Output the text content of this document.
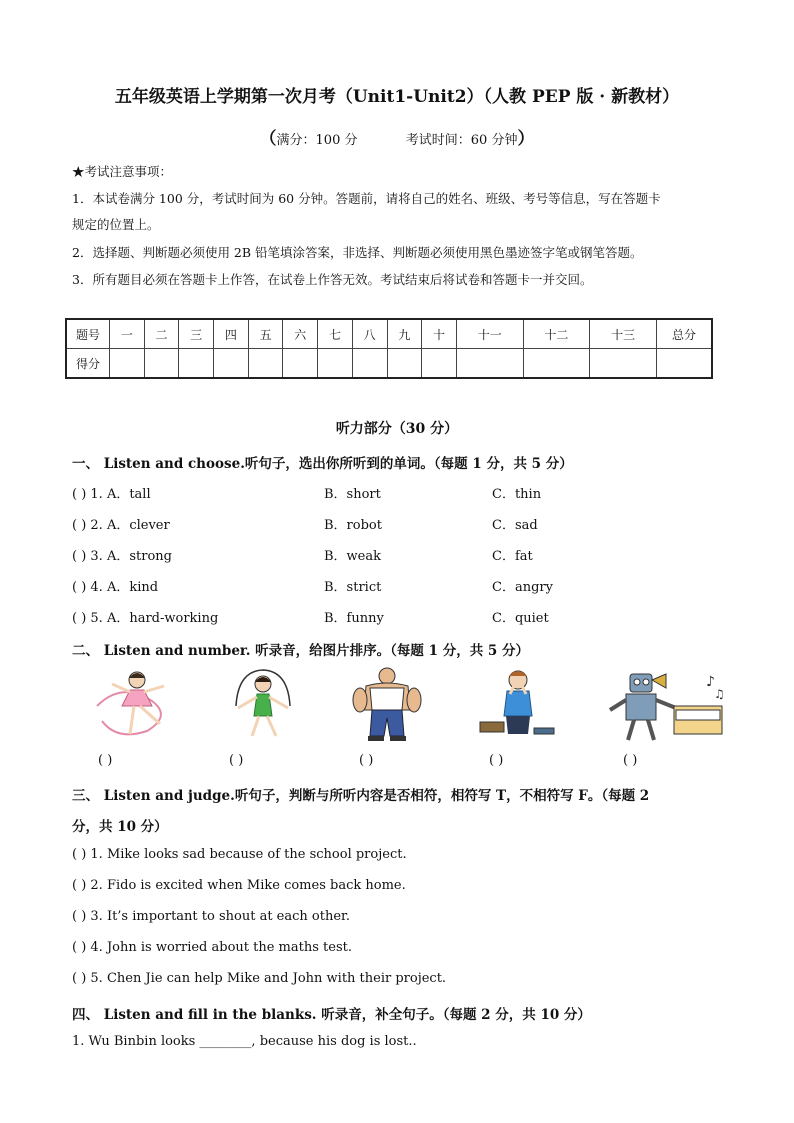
五年级英语上学期第一次月考（Unit1-Unit2）（人教 PEP 版 · 新教材）
（满分：100 分	考试时间：60 分钟）
★考试注意事项：
1．本试卷满分 100 分，考试时间为 60 分钟。答题前，请将自己的姓名、班级、考号等信息，写在答题卡
规定的位置上。
2．选择题、判断题必须使用 2B 铅笔填涂答案，非选择、判断题必须使用黑色墨迹签字笔或钢笔答题。
3．所有题目必须在答题卡上作答，在试卷上作答无效。考试结束后将试卷和答题卡一并交回。
题号	一	二	三	四	五	六	七	八	九	十	十一	十二	十三	总分
得分														
听力部分（30 分）
一、 Listen and choose.听句子，选出你所听到的单词。（每题 1 分，共 5 分）
( ) 1. A．tall	B．short	C．thin
( ) 2. A．clever	B．robot	C．sad
( ) 3. A．strong	B．weak	C．fat
( ) 4. A．kind	B．strict	C．angry
( ) 5. A．hard-working	B．funny	C．quiet
二、 Listen and number. 听录音，给图片排序。（每题 1 分，共 5 分）
♪
♫
( )	( )	( )	( )	( )
三、 Listen and judge.听句子，判断与所听内容是否相符，相符写 T，不相符写 F。（每题 2
分，共 10 分）
( ) 1. Mike looks sad because of the school project.
( ) 2. Fido is excited when Mike comes back home.
( ) 3. It’s important to shout at each other.
( ) 4. John is worried about the maths test.
( ) 5. Chen Jie can help Mike and John with their project.
四、 Listen and fill in the blanks. 听录音，补全句子。（每题 2 分，共 10 分）
1. Wu Binbin looks ________, because his dog is lost..
